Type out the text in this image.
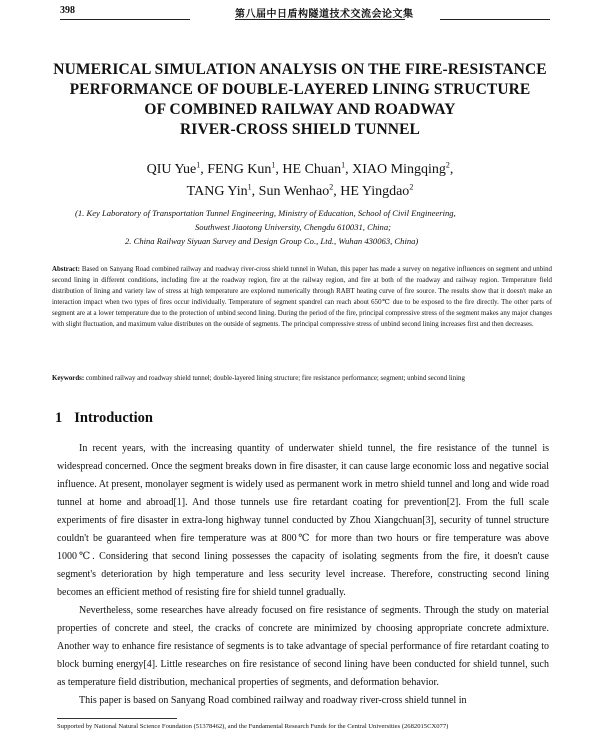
398	第八届中日盾构隧道技术交流会论文集
NUMERICAL SIMULATION ANALYSIS ON THE FIRE-RESISTANCE
PERFORMANCE OF DOUBLE-LAYERED LINING STRUCTURE
OF COMBINED RAILWAY AND ROADWAY
RIVER-CROSS SHIELD TUNNEL
QIU Yue$^1$, FENG Kun$^1$, HE Chuan$^1$, XIAO Mingqing$^2$,
TANG Yin$^1$, Sun Wenhao$^2$, HE Yingdao$^2$
(1. Key Laboratory of Transportation Tunnel Engineering, Ministry of Education, School of Civil Engineering,
Southwest Jiaotong University, Chengdu 610031, China;
2. China Railway Siyuan Survey and Design Group Co., Ltd., Wuhan 430063, China)
Abstract: Based on Sanyang Road combined railway and roadway river-cross shield tunnel in Wuhan, this paper has made a survey on negative influences on segment and unbind second lining in different conditions, including fire at the roadway region, fire at the railway region, and fire at both of the roadway and railway region. Temperature field distribution of lining and variety law of stress at high temperature are explored numerically through RABT heating curve of fire source. The results show that it doesn't make an interaction impact when two types of fires occur individually. Temperature of segment spandrel can reach about 650℃ due to be exposed to the fire directly. The other parts of segment are at a lower temperature due to the protection of unbind second lining. During the period of the fire, principal compressive stress of the segment makes any major changes with slight fluctuation, and maximum value distributes on the outside of segments. The principal compressive stress of unbind second lining increases first and then decreases.
Keywords: combined railway and roadway shield tunnel; double-layered lining structure; fire resistance performance; segment; unbind second lining
1 Introduction

In recent years, with the increasing quantity of underwater shield tunnel, the fire resistance of the tunnel is widespread concerned. Once the segment breaks down in fire disaster, it can cause large economic loss and negative social influence. At present, monolayer segment is widely used as permanent work in metro shield tunnel and long and wide road tunnel at home and abroad[1]. And those tunnels use fire retardant coating for prevention[2]. From the full scale experiments of fire disaster in extra-long highway tunnel conducted by Zhou Xiangchuan[3], security of tunnel structure couldn't be guaranteed when fire temperature was at 800℃ for more than two hours or fire temperature was above 1000℃. Considering that second lining possesses the capacity of isolating segments from the fire, it doesn't cause segment's deterioration by high temperature and less security level increase. Therefore, constructing second lining becomes an efficient method of resisting fire for shield tunnel gradually.

Nevertheless, some researches have already focused on fire resistance of segments. Through the study on material properties of concrete and steel, the cracks of concrete are minimized by choosing appropriate concrete admixture. Another way to enhance fire resistance of segments is to take advantage of special performance of fire retardant coating to block burning energy[4]. Little researches on fire resistance of second lining have been conducted for shield tunnel, such as temperature field distribution, mechanical properties of segments, and deformation behavior.

This paper is based on Sanyang Road combined railway and roadway river-cross shield tunnel in

Supported by National Natural Science Foundation (51378462), and the Fundamental Research Funds for the Central Universities (2682015CX077)
